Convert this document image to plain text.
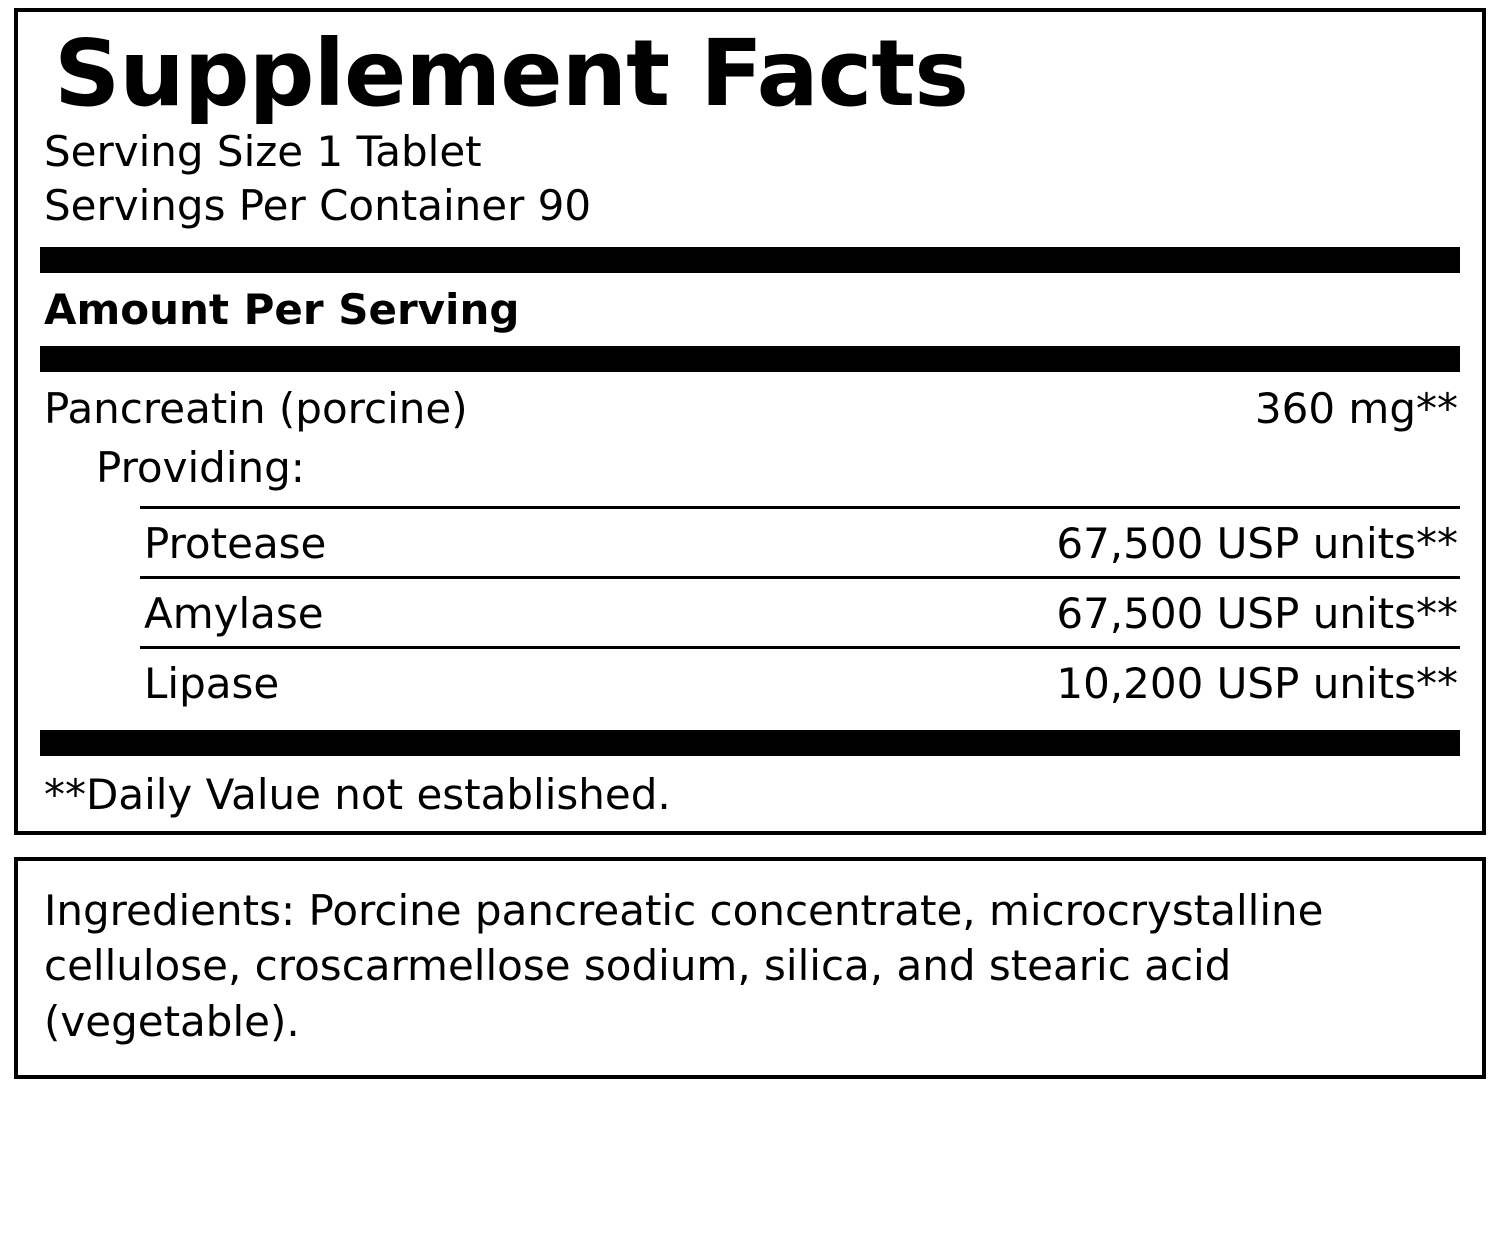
Supplement Facts
Serving Size 1 Tablet
Servings Per Container 90
Amount Per Serving
Pancreatin (porcine)	360 mg**
Providing:
Protease	67,500 USP units**
Amylase	67,500 USP units**
Lipase	10,200 USP units**
**Daily Value not established.
Ingredients: Porcine pancreatic concentrate, microcrystalline cellulose, croscarmellose sodium, silica, and stearic acid (vegetable).
